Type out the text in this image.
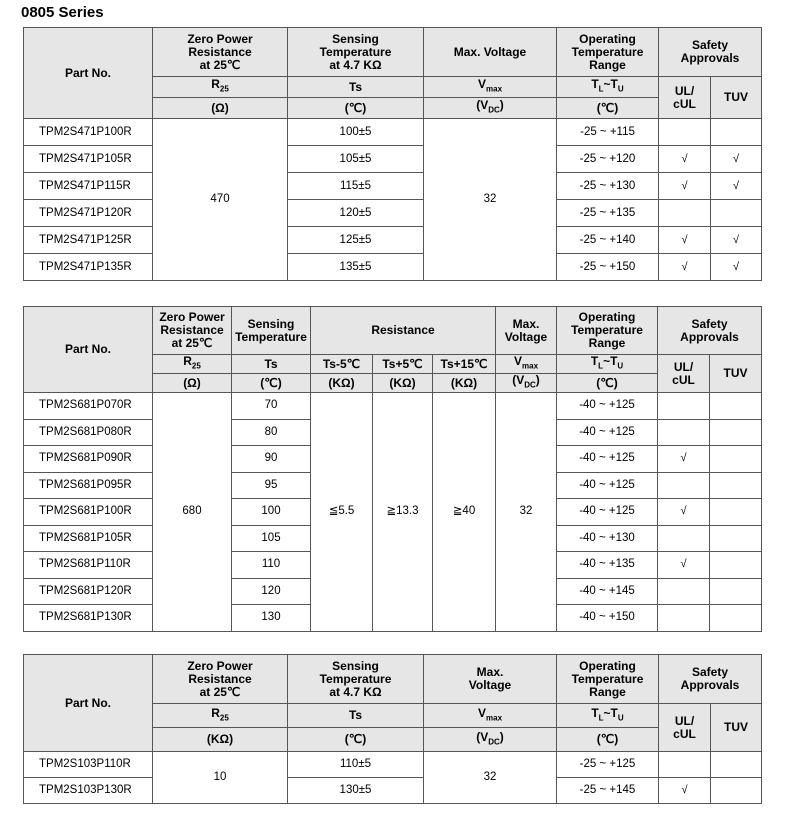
0805 Series
Part No.	Zero Power
Resistance
at 25℃	Sensing
Temperature
at 4.7 KΩ	Max. Voltage	Operating
Temperature
Range	Safety
Approvals	
	$R_{25}$	Ts	$V_{max}$	$T_L\sim T_U$	UL/
cUL	TUV
	(Ω)	(℃)	$(V_{DC})$	(℃)		
TPM2S471P100R	470	100±5	32	-25 ~ +115		
TPM2S471P105R		105±5		-25 ~ +120	√	√
TPM2S471P115R		115±5		-25 ~ +130	√	√
TPM2S471P120R		120±5		-25 ~ +135		
TPM2S471P125R		125±5		-25 ~ +140	√	√
TPM2S471P135R		135±5		-25 ~ +150	√	√
Part No.	Zero Power
Resistance
at 25℃	Sensing
Temperature	Resistance			Max.
Voltage	Operating
Temperature
Range	Safety
Approvals	
	$R_{25}$	Ts	Ts-5℃	Ts+5℃	Ts+15℃	$V_{max}$	$T_L\sim T_U$	UL/
cUL	TUV
	(Ω)	(℃)	(KΩ)	(KΩ)	(KΩ)	$(V_{DC})$	(℃)		
TPM2S681P070R	680	70	≦5.5	≧13.3	≧40	32	-40 ~ +125		
TPM2S681P080R		80					-40 ~ +125		
TPM2S681P090R		90					-40 ~ +125	√	
TPM2S681P095R		95					-40 ~ +125		
TPM2S681P100R		100					-40 ~ +125	√	
TPM2S681P105R		105					-40 ~ +130		
TPM2S681P110R		110					-40 ~ +135	√	
TPM2S681P120R		120					-40 ~ +145		
TPM2S681P130R		130					-40 ~ +150		
Part No.	Zero Power
Resistance
at 25℃	Sensing
Temperature
at 4.7 KΩ	Max.
Voltage	Operating
Temperature
Range	Safety
Approvals	
	$R_{25}$	Ts	$V_{max}$	$T_L\sim T_U$	UL/
cUL	TUV
	(KΩ)	(℃)	$(V_{DC})$	(℃)		
TPM2S103P110R	10	110±5	32	-25 ~ +125		
TPM2S103P130R		130±5		-25 ~ +145	√	
